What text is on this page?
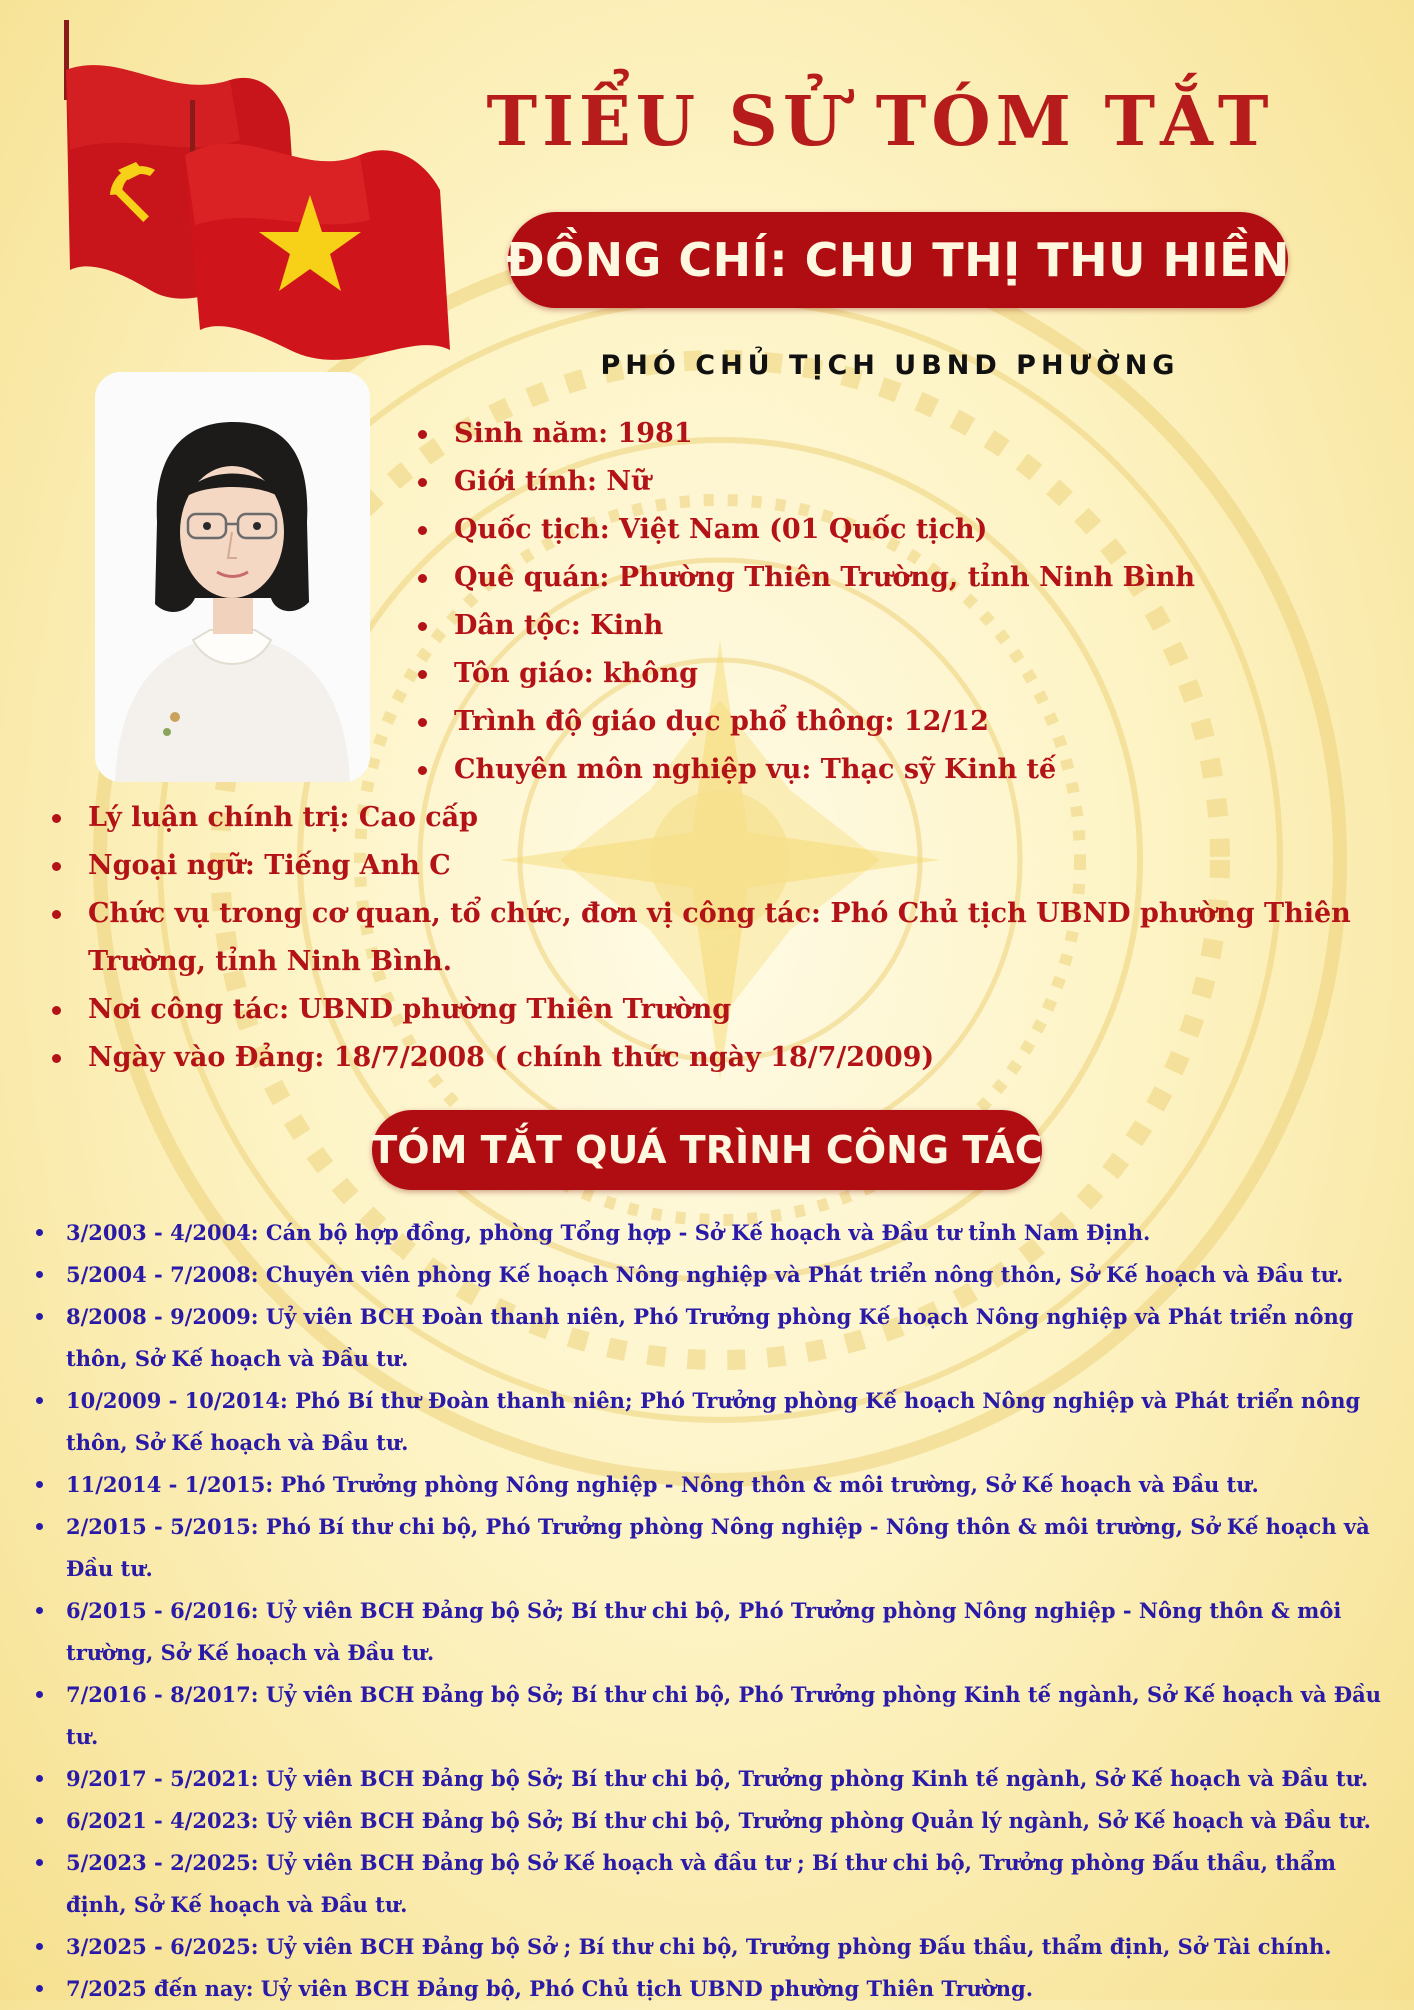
TIỂU SỬ TÓM TẮT
ĐỒNG CHÍ: CHU THỊ THU HIỀN
PHÓ CHỦ TỊCH UBND PHƯỜNG
Sinh năm: 1981
Giới tính: Nữ
Quốc tịch: Việt Nam (01 Quốc tịch)
Quê quán: Phường Thiên Trường, tỉnh Ninh Bình
Dân tộc: Kinh
Tôn giáo: không
Trình độ giáo dục phổ thông: 12/12
Chuyên môn nghiệp vụ: Thạc sỹ Kinh tế
Lý luận chính trị: Cao cấp
Ngoại ngữ: Tiếng Anh C
Chức vụ trong cơ quan, tổ chức, đơn vị công tác: Phó Chủ tịch UBND phường Thiên Trường, tỉnh Ninh Bình.
Nơi công tác: UBND phường Thiên Trường
Ngày vào Đảng: 18/7/2008 ( chính thức ngày 18/7/2009)
TÓM TẮT QUÁ TRÌNH CÔNG TÁC
3/2003 - 4/2004: Cán bộ hợp đồng, phòng Tổng hợp - Sở Kế hoạch và Đầu tư tỉnh Nam Định.
5/2004 - 7/2008: Chuyên viên phòng Kế hoạch Nông nghiệp và Phát triển nông thôn, Sở Kế hoạch và Đầu tư.
8/2008 - 9/2009: Uỷ viên BCH Đoàn thanh niên, Phó Trưởng phòng Kế hoạch Nông nghiệp và Phát triển nông thôn, Sở Kế hoạch và Đầu tư.
10/2009 - 10/2014: Phó Bí thư Đoàn thanh niên; Phó Trưởng phòng Kế hoạch Nông nghiệp và Phát triển nông thôn, Sở Kế hoạch và Đầu tư.
11/2014 - 1/2015: Phó Trưởng phòng Nông nghiệp - Nông thôn & môi trường, Sở Kế hoạch và Đầu tư.
2/2015 - 5/2015: Phó Bí thư chi bộ, Phó Trưởng phòng Nông nghiệp - Nông thôn & môi trường, Sở Kế hoạch và Đầu tư.
6/2015 - 6/2016: Uỷ viên BCH Đảng bộ Sở; Bí thư chi bộ, Phó Trưởng phòng Nông nghiệp - Nông thôn & môi trường, Sở Kế hoạch và Đầu tư.
7/2016 - 8/2017: Uỷ viên BCH Đảng bộ Sở; Bí thư chi bộ, Phó Trưởng phòng Kinh tế ngành, Sở Kế hoạch và Đầu tư.
9/2017 - 5/2021: Uỷ viên BCH Đảng bộ Sở; Bí thư chi bộ, Trưởng phòng Kinh tế ngành, Sở Kế hoạch và Đầu tư.
6/2021 - 4/2023: Uỷ viên BCH Đảng bộ Sở; Bí thư chi bộ, Trưởng phòng Quản lý ngành, Sở Kế hoạch và Đầu tư.
5/2023 - 2/2025: Uỷ viên BCH Đảng bộ Sở Kế hoạch và đầu tư ; Bí thư chi bộ, Trưởng phòng Đấu thầu, thẩm định, Sở Kế hoạch và Đầu tư.
3/2025 - 6/2025: Uỷ viên BCH Đảng bộ Sở ; Bí thư chi bộ, Trưởng phòng Đấu thầu, thẩm định, Sở Tài chính.
7/2025 đến nay: Uỷ viên BCH Đảng bộ, Phó Chủ tịch UBND phường Thiên Trường.
